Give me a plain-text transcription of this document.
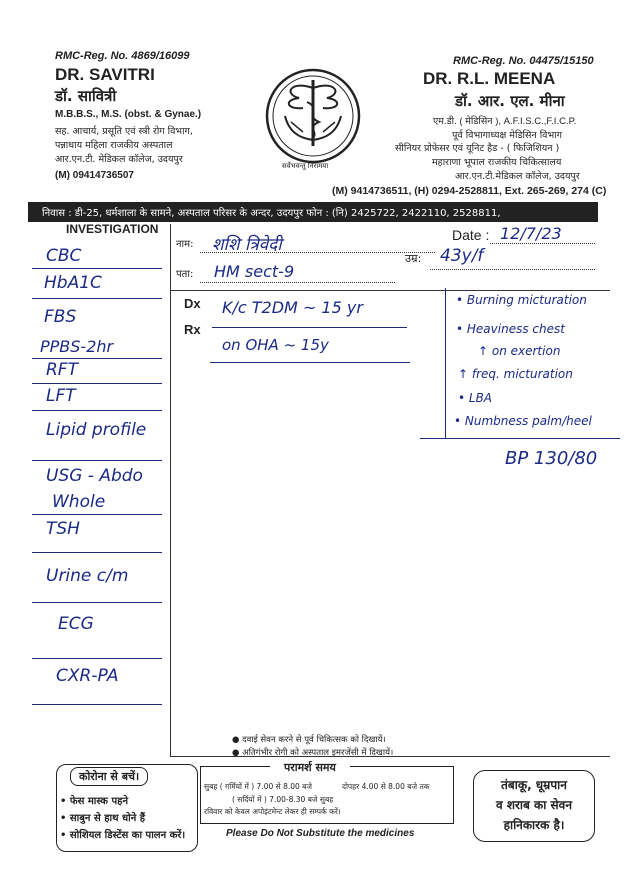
RMC-Reg. No. 4869/16099
DR. SAVITRI
डॉ. सावित्री
M.B.B.S., M.S. (obst. & Gynae.)
सह. आचार्य, प्रसूति एवं स्त्री रोग विभाग,
पन्नाधाय महिला राजकीय अस्पताल
आर.एन.टी. मेडिकल कॉलेज, उदयपुर
(M) 09414736507
सर्वेभवन्तु निरामया
RMC-Reg. No. 04475/15150
DR. R.L. MEENA
डॉ. आर. एल. मीना
एम.डी. ( मेडिसिन ), A.F.I.S.C.,F.I.C.P.
पूर्व विभागाध्यक्ष मेडिसिन विभाग
सीनियर प्रोफेसर एवं यूनिट हैड - ( फिजिशियन )
महाराणा भूपाल राजकीय चिकित्सालय
आर.एन.टी.मेडिकल कॉलेज, उदयपुर
(M) 9414736511, (H) 0294-2528811, Ext. 265-269, 274 (C)
निवास : डी-25, धर्मशाला के सामने, अस्पताल परिसर के अन्दर, उदयपुर फोन : (नि) 2425722, 2422110, 2528811, Ext. 379
INVESTIGATION
नाम: शशि त्रिवेदी	Date : 12/7/23
पता: HM sect-9
उम्र: 43y/f
Dx
Rx
K/c T2DM ~ 15 yr
on OHA ~ 15y
• Burning micturation
• Heaviness chest
↑ on exertion
↑ freq. micturation
• LBA
• Numbness palm/heel
BP 130/80
CBC
HbA1C
FBS
PPBS-2hr
RFT
LFT
Lipid profile
USG - Abdo
Whole
TSH
Urine c/m
ECG
CXR-PA
● दवाई सेवन करने से पूर्व चिकित्सक को दिखायें।
● अतिगंभीर रोगी को अस्पताल इमरजेंसी में दिखायें।
कोरोना से बचें।
• फेस मास्क पहने
• साबुन से हाथ धोने हैं
• सोशियल डिस्टेंस का पालन करें।
परामर्श समय
सुबह ( गर्मियों में ) 7.00 से 8.00 बजे	दोपहर 4.00 से 8.00 बजे तक
( सर्दियों में ) 7.00-8.30 बजे सुबह
रविवार को केवल अपोइंटमेन्ट लेकर ही सम्पर्क करें।
Please Do Not Substitute the medicines
तंबाकू, धूम्रपान
व शराब का सेवन
हानिकारक है।
